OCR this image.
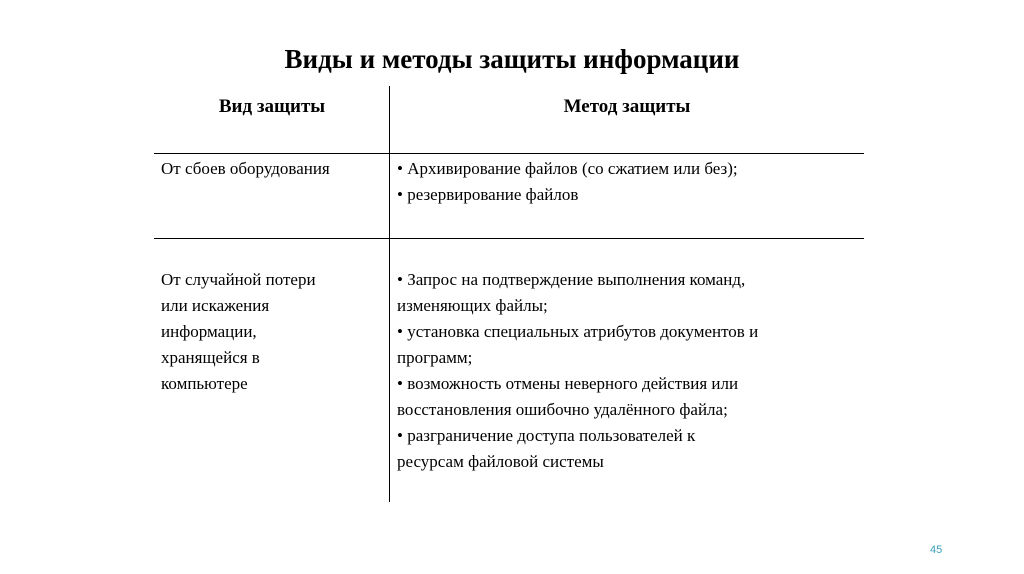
Виды и методы защиты информации
Вид защиты	Метод защиты
От сбоев оборудования	• Архивирование файлов (со сжатием или без);
• резервирование файлов
От случайной потери
или искажения
информации,
хранящейся в
компьютере
• Запрос на подтверждение выполнения команд,
изменяющих файлы;
• установка специальных атрибутов документов и
программ;
• возможность отмены неверного действия или
восстановления ошибочно удалённого файла;
• разграничение доступа пользователей к
ресурсам файловой системы
45
